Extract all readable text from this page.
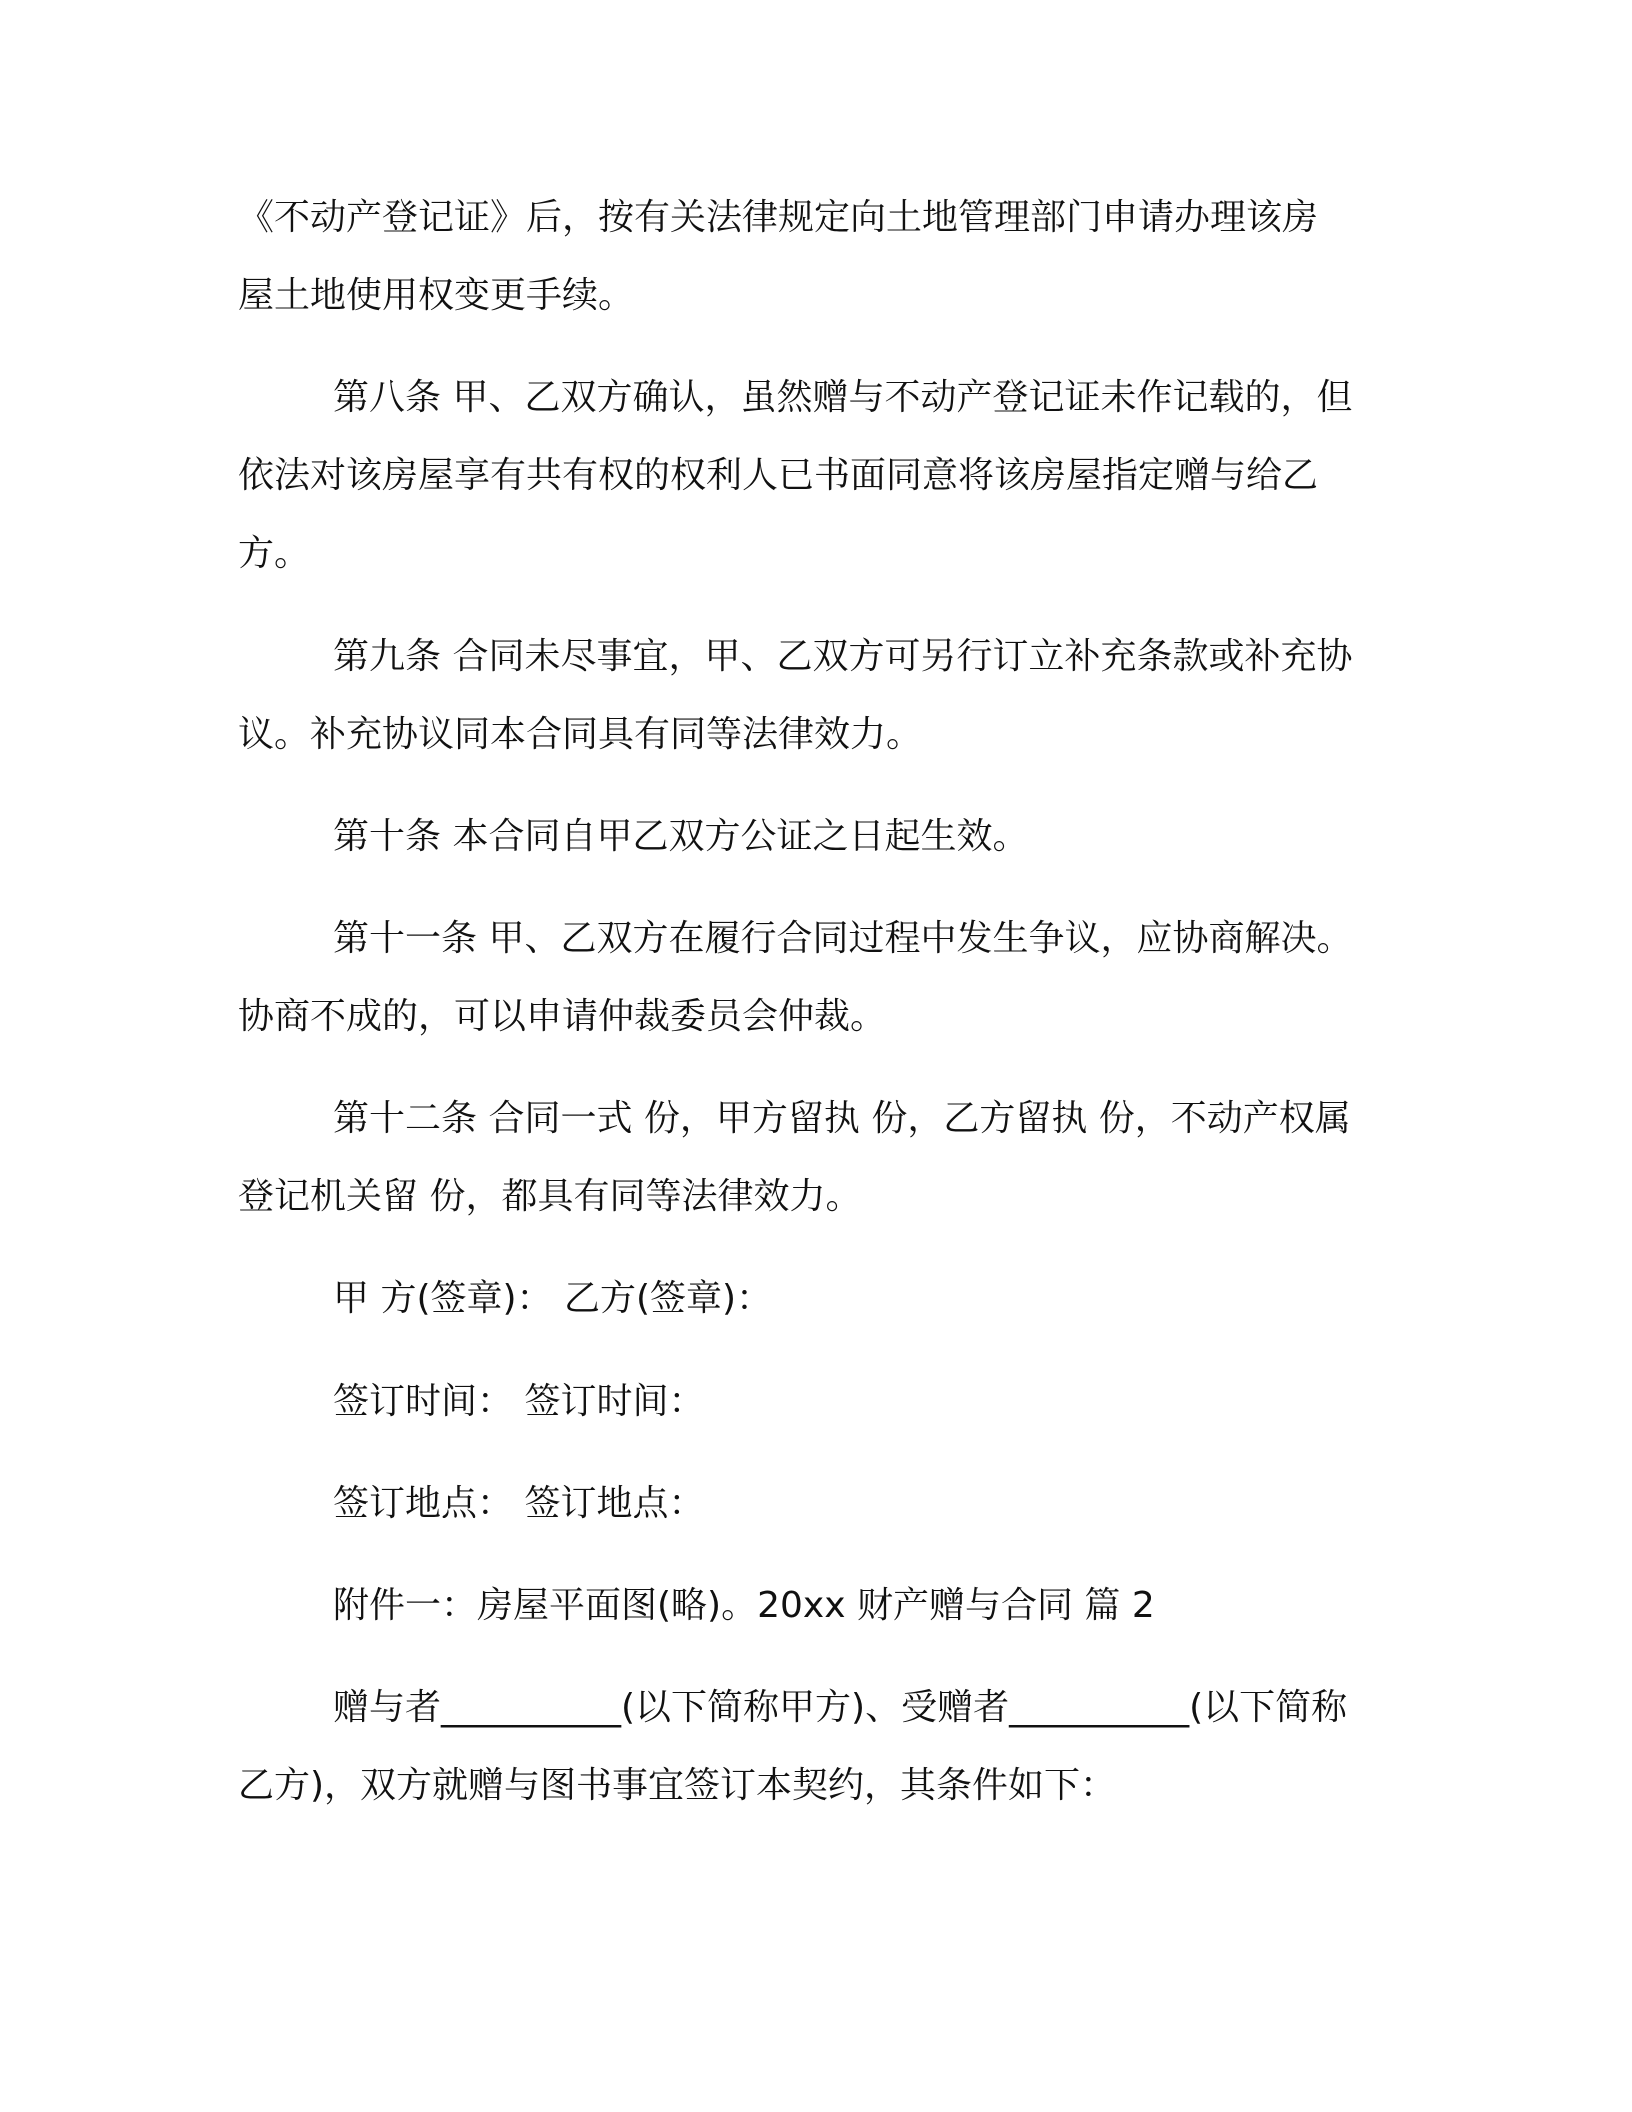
《不动产登记证》后，按有关法律规定向土地管理部门申请办理该房
屋土地使用权变更手续。
第八条 甲、乙双方确认，虽然赠与不动产登记证未作记载的，但
依法对该房屋享有共有权的权利人已书面同意将该房屋指定赠与给乙
方。
第九条 合同未尽事宜，甲、乙双方可另行订立补充条款或补充协
议。补充协议同本合同具有同等法律效力。
第十条 本合同自甲乙双方公证之日起生效。
第十一条 甲、乙双方在履行合同过程中发生争议，应协商解决。
协商不成的，可以申请仲裁委员会仲裁。
第十二条 合同一式 份，甲方留执 份，乙方留执 份，不动产权属
登记机关留 份，都具有同等法律效力。
甲 方(签章)： 乙方(签章)：
签订时间： 签订时间：
签订地点： 签订地点：
附件一：房屋平面图(略)。20xx 财产赠与合同 篇 2
赠与者__________(以下简称甲方)、受赠者__________(以下简称
乙方)，双方就赠与图书事宜签订本契约，其条件如下：
